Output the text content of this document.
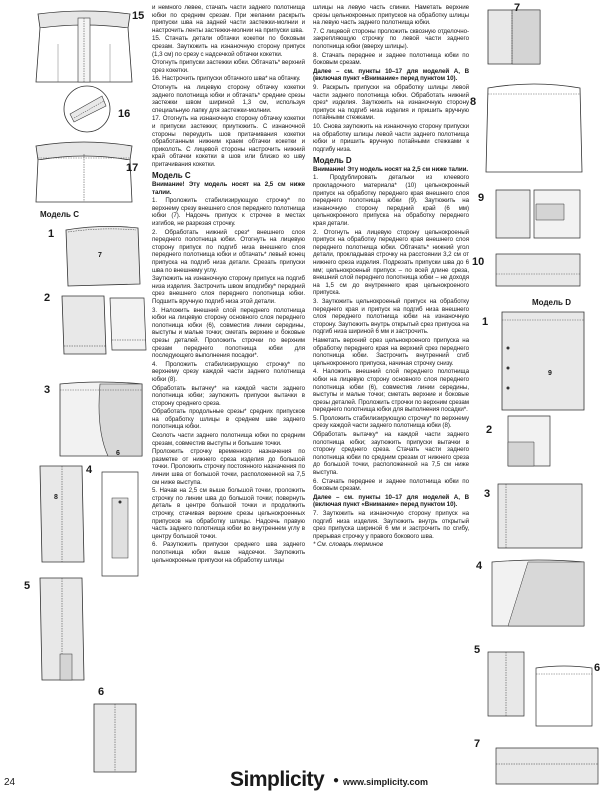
15
16
17
Модель С
1
7
2
3
6
4
8
5
6

и немного левее, стачать части заднего полотнища юбки по средним срезам. При желании раскрыть припуски шва на задней части застежки-молнии и настрочить ленты застежки-молнии на припуски шва.

15. Стачать детали обтачки кокетки по боковым срезам. Заутюжить на изнаночную сторону припуск (1,3 см) по срезу с надсечкой обтачки кокетки.

Отогнуть припуски застежки юбки. Обтачать* верхний срез кокетки.

16. Настрочить припуски обтачного шва* на обтачку.

Отогнуть на лицевую сторону обтачку кокетки заднего полотнища юбки и обтачать* средние срезы застежки швом шириной 1,3 см, используя специальную лапку для застежки-молнии.

17. Отогнуть на изнаночную сторону обтачку кокетки и припуски застежки; приутюжить. С изнаночной стороны переудить шов притачивания кокетки обработанным нижним краем обтачки кокетки и приколоть. С лицевой стороны настрочить нижний край обтачки кокетки в шов или близко ко шву притачивания кокетки.

Модель С

Внимание! Эту модель носят на 2,5 см ниже талии.

1. Проложить стабилизирующую строчку* по верхнему срезу внешнего слоя переднего полотнища юбки (7). Надсечь припуск к строчке в местах изгибов, не разрезая строчку.

2. Обработать нижний срез* внешнего слоя переднего полотнища юбки. Отогнуть на лицевую сторону припуск по подгиб низа внешнего слоя переднего полотнища юбки и обтачать* левый конец припуска на подгиб низа детали. Срезать припуски шва по внешнему углу.

Заутюжить на изнаночную сторону припуск на подгиб низа изделия. Застрочить швом вподгибку* передний срез внешнего слоя переднего полотнища юбки. Подшить вручную подгиб низа этой детали.

3. Наложить внешний слой переднего полотнища юбки на лицевую сторону основного слоя переднего полотнища юбки (6), совместив линии середины, выступы и малые точки; сметать верхние и боковые срезы деталей. Проложить строчки по верхним срезам переднего полотнища юбки для последующего выполнения посадки*.

4. Проложить стабилизирующую строчку* по верхнему срезу каждой части заднего полотнища юбки (8).

Обработать вытачку* на каждой части заднего полотнища юбки; заутюжить припуски вытачки в сторону среднего среза.

Обработать продольные срезы* средних припусков на обработку шлицы в среднем шве заднего полотнища юбки.

Сколоть части заднего полотнища юбки по средним срезам, совместив выступы и большие точки.

Проложить строчку временного назначения по разметке от нижнего среза изделия до большой точки. Проложить строчку постоянного назначения по линии шва от большой точки, расположенной на 7,5 см ниже выступа.

5. Начав на 2,5 см выше большой точки, проложить строчку по линии шва до большой точки; повернуть деталь в центре большой точки и продолжить строчку, стачивая верхние срезы цельнокроенных припусков на обработку шлицы. Надсечь правую часть заднего полотнища юбки во внутреннем углу в центру большой точки.

6. Разутюжить припуски среднего шва заднего полотнища юбки выше надсечки. Заутюжить цельнокроеные припуски на обработку шлицы

шлицы на левую часть спинки. Наметать верхние срезы цельнокроеных припусков на обработку шлицы на левую часть заднего полотнища юбки.

7. С лицевой стороны проложить сквозную отделочно-закрепляющую строчку по левой части заднего полотнища юбки (вверху шлицы).

8. Стачать переднее и заднее полотнища юбки по боковым срезам.

Далее – см. пункты 10–17 для моделей А, В (включая пункт «Внимание» перед пунктом 10).

9. Раскрыть припуски на обработку шлицы левой части заднего полотнища юбки. Обработать нижний срез* изделия. Заутюжить на изнаночную сторону припуск на подгиб низа изделия и пришить вручную потайными стежками.

10. Снова заутюжить на изнаночную сторону припуски на обработку шлицы левой части заднего полотнища юбки и пришить вручную потайными стежками к подгибу низа.

Модель D

Внимание! Эту модель носят на 2,5 см ниже талии.

1. Продублировать детальки из клеевого прокладочного материала* (10) цельнокроеный припуск на обработку переднего края внешнего слоя переднего полотнища юбки (9). Заутюжить на изнаночную сторону передний край (6 мм) цельнокроеного припуска на обработку переднего края детали.

2. Отогнуть на лицевую сторону цельнокроеный припуск на обработку переднего края внешнего слоя переднего полотнища юбки. Обтачать* нижний угол детали, прокладывая строчку на расстоянии 3,2 см от нижнего среза изделия. Подрезать припуски шва до 6 мм; цельнокроеный припуск – по всей длине среза, внешний слой переднего полотнища юбки – не доходя на 1,5 см до внутреннего края цельнокроеного припуска.

3. Заутюжить цельнокроеный припуск на обработку переднего края и припуск на подгиб низа внешнего слоя переднего полотнища юбки на изнаночную сторону. Заутюжить внутрь открытый срез припуска на подгиб низа шириной 6 мм и застрочить.

Наметать верхний срез цельнокроеного припуска на обработку переднего края на верхний срез переднего полотнища юбки. Застрочить внутренний сгиб цельнокроеного припуска, начиная строчку снизу.

4. Наложить внешний слой переднего полотнища юбки на лицевую сторону основного слоя переднего полотнища юбки (6), совместив линии середины, выступы и малые точки; сметать верхние и боковые срезы деталей. Проложить строчки по верхним срезам переднего полотнища юбки для выполнения посадки*.

5. Проложить стабилизирующую строчку* по верхнему срезу каждой части заднего полотнища юбки (8).

Обработать вытачку* на каждой части заднего полотнища юбки; заутюжить припуски вытачки в сторону среднего среза. Стачать части заднего полотнища юбки по средним срезам от нижнего среза до большой точки, расположенной на 7,5 см ниже выступа.

6. Стачать переднее и заднее полотнища юбки по боковым срезам.

Далее – см. пункты 10–17 для моделей А, В (включая пункт «Внимание» перед пунктом 10).

7. Заутюжить на изнаночную сторону припуск на подгиб низа изделия. Заутюжить внутрь открытый срез припуска шириной 6 мм и застрочить по сгибу, прерывая строчку у правого бокового шва.

* См. словарь терминов

7
8
9
10
Модель D
1
9
2
3
4
5
6
7
24	Simplicity ● www.simplicity.com
